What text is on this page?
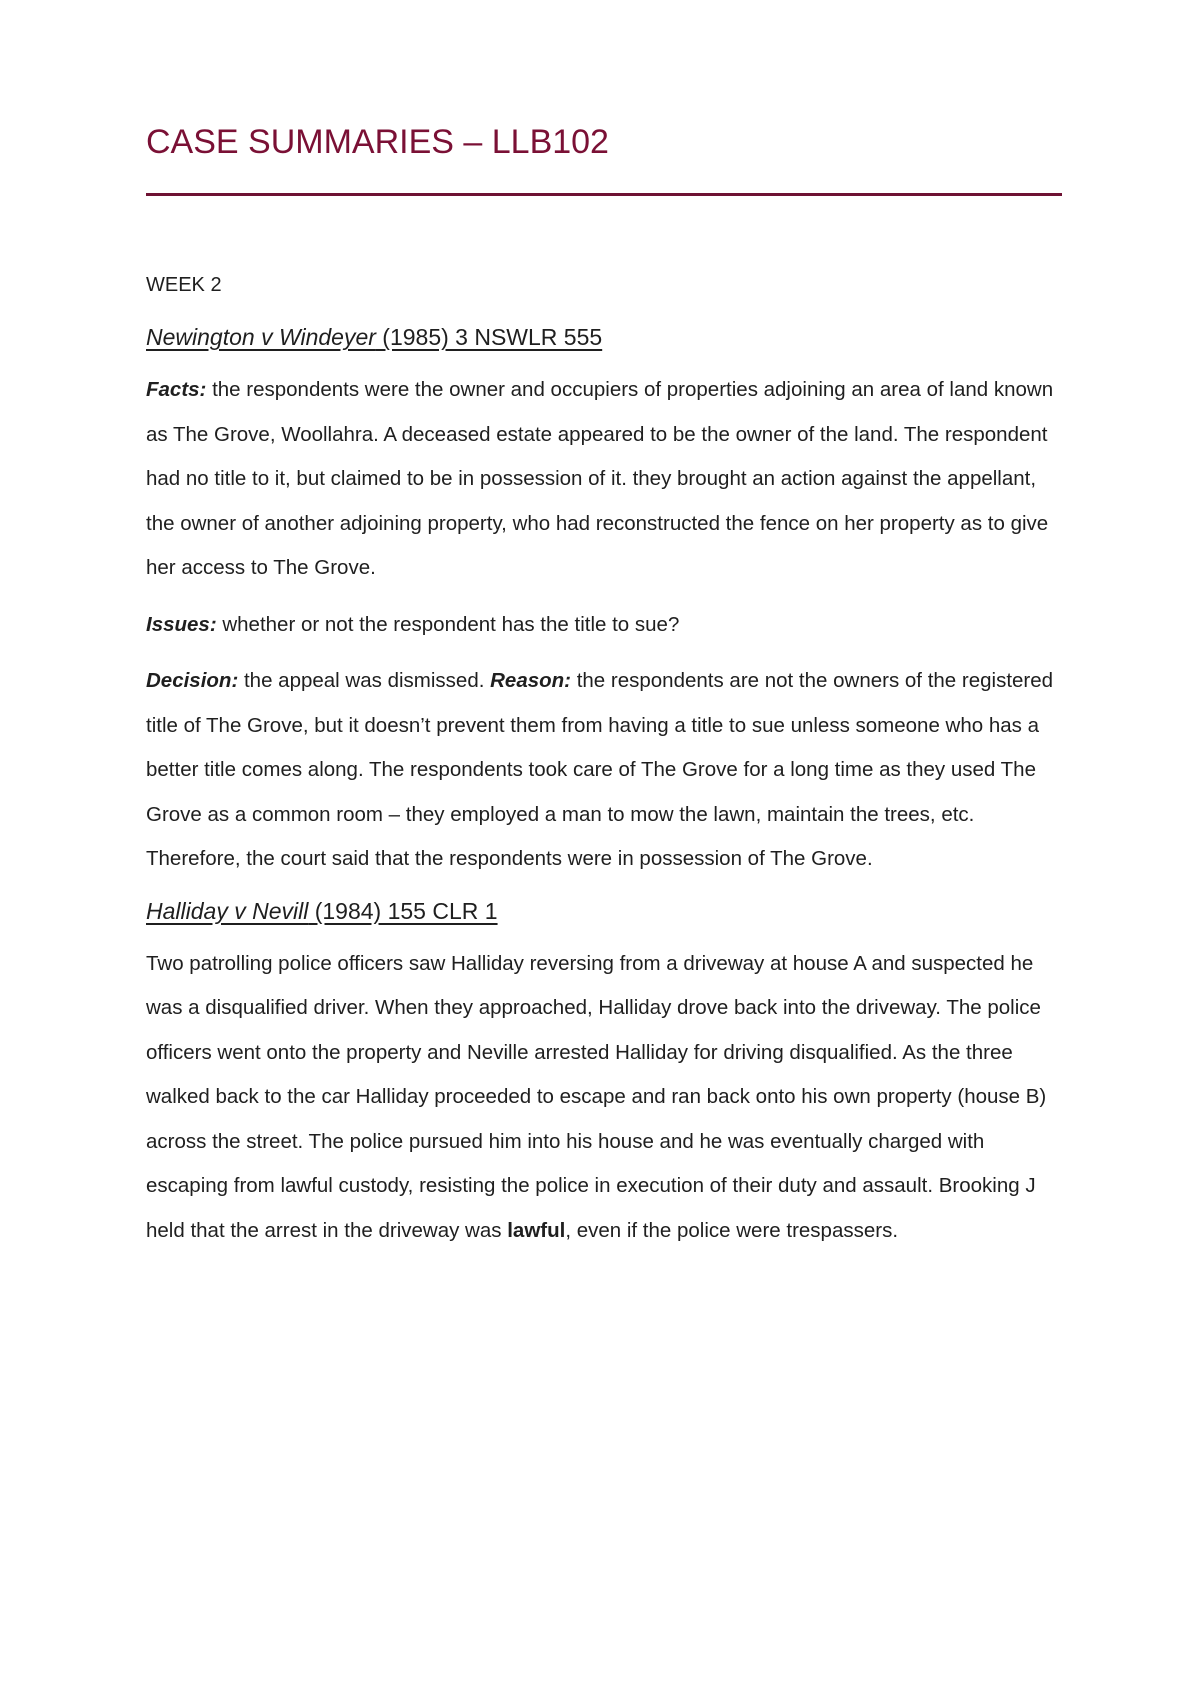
CASE SUMMARIES – LLB102

WEEK 2

Newington v Windeyer (1985) 3 NSWLR 555

Facts: the respondents were the owner and occupiers of properties adjoining an area of land known as The Grove, Woollahra. A deceased estate appeared to be the owner of the land. The respondent had no title to it, but claimed to be in possession of it. they brought an action against the appellant, the owner of another adjoining property, who had reconstructed the fence on her property as to give her access to The Grove.

Issues: whether or not the respondent has the title to sue?

Decision: the appeal was dismissed. Reason: the respondents are not the owners of the registered title of The Grove, but it doesn’t prevent them from having a title to sue unless someone who has a better title comes along. The respondents took care of The Grove for a long time as they used The Grove as a common room – they employed a man to mow the lawn, maintain the trees, etc. Therefore, the court said that the respondents were in possession of The Grove.

Halliday v Nevill (1984) 155 CLR 1

Two patrolling police officers saw Halliday reversing from a driveway at house A and suspected he was a disqualified driver. When they approached, Halliday drove back into the driveway. The police officers went onto the property and Neville arrested Halliday for driving disqualified. As the three walked back to the car Halliday proceeded to escape and ran back onto his own property (house B) across the street. The police pursued him into his house and he was eventually charged with escaping from lawful custody, resisting the police in execution of their duty and assault. Brooking J held that the arrest in the driveway was lawful, even if the police were trespassers.
